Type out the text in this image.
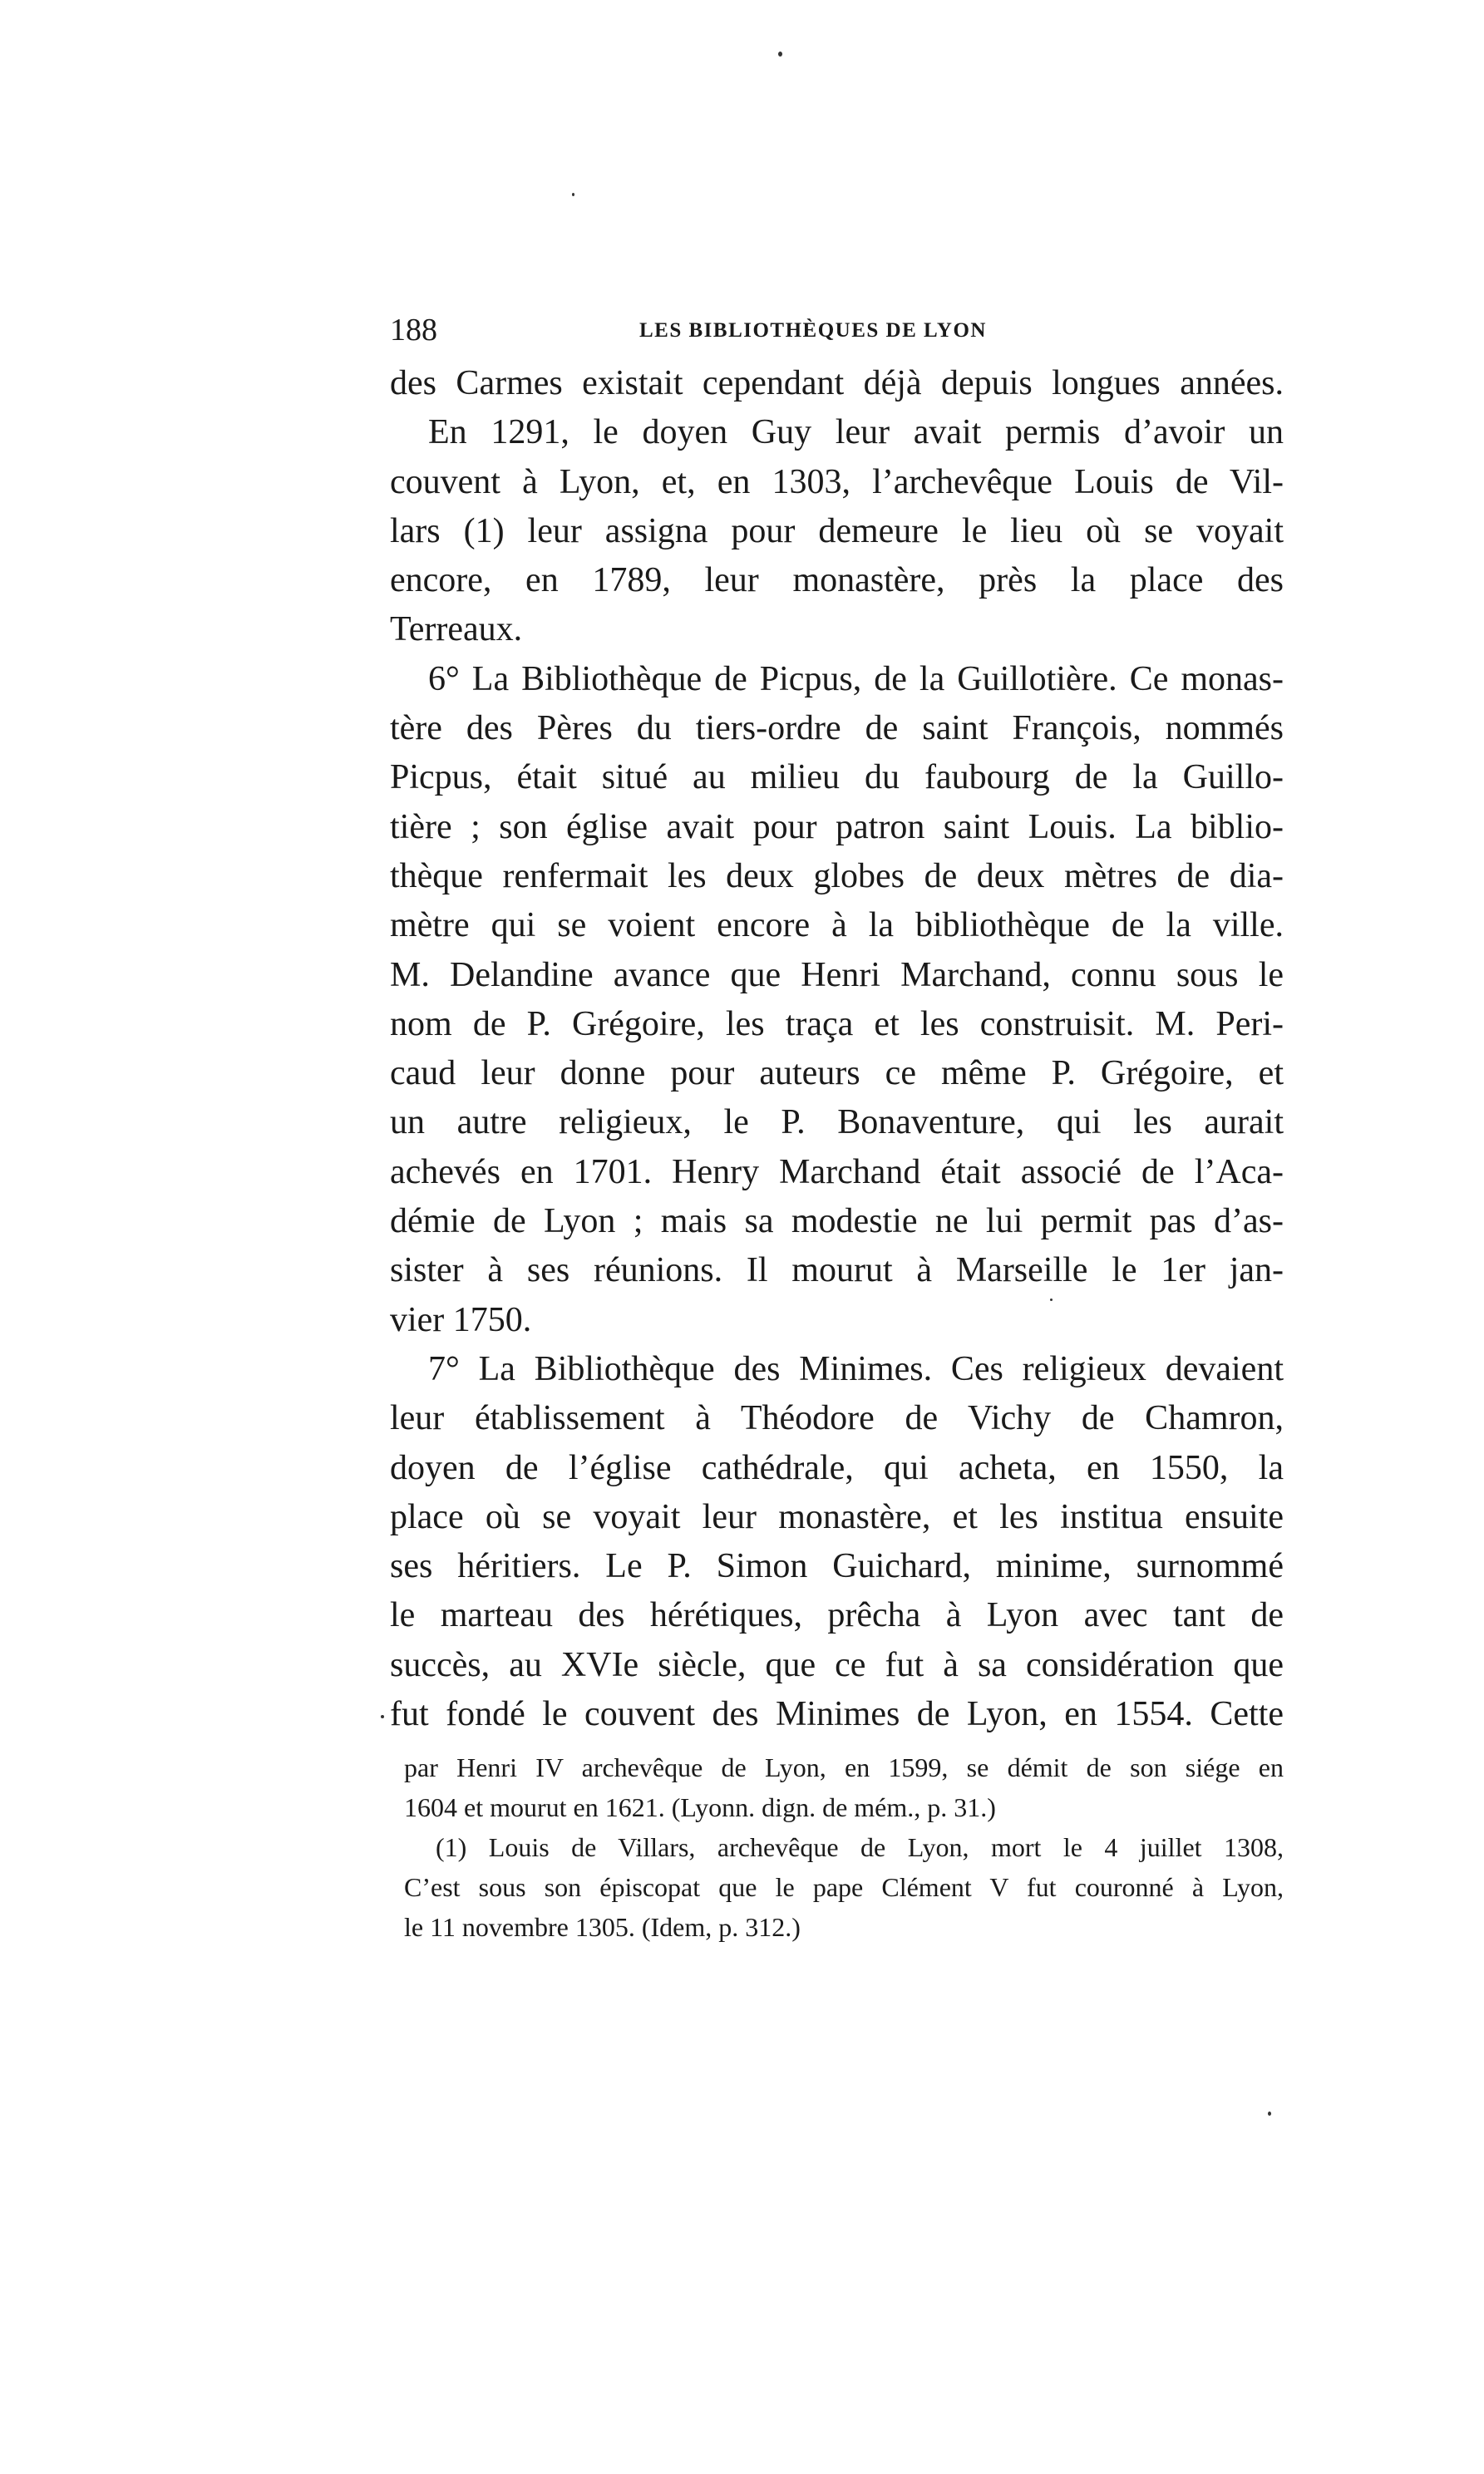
188	LES BIBLIOTHÈQUES DE LYON
des Carmes existait cependant déjà depuis longues années.
En 1291, le doyen Guy leur avait permis d’avoir un
couvent à Lyon, et, en 1303, l’archevêque Louis de Vil-
lars (1) leur assigna pour demeure le lieu où se voyait
encore, en 1789, leur monastère, près la place des
Terreaux.
6° La Bibliothèque de Picpus, de la Guillotière. Ce monas-
tère des Pères du tiers-ordre de saint François, nommés
Picpus, était situé au milieu du faubourg de la Guillo-
tière ; son église avait pour patron saint Louis. La biblio-
thèque renfermait les deux globes de deux mètres de dia-
mètre qui se voient encore à la bibliothèque de la ville.
M. Delandine avance que Henri Marchand, connu sous le
nom de P. Grégoire, les traça et les construisit. M. Peri-
caud leur donne pour auteurs ce même P. Grégoire, et
un autre religieux, le P. Bonaventure, qui les aurait
achevés en 1701. Henry Marchand était associé de l’Aca-
démie de Lyon ; mais sa modestie ne lui permit pas d’as-
sister à ses réunions. Il mourut à Marseille le 1er jan-
vier 1750.
7° La Bibliothèque des Minimes. Ces religieux devaient
leur établissement à Théodore de Vichy de Chamron,
doyen de l’église cathédrale, qui acheta, en 1550, la
place où se voyait leur monastère, et les institua ensuite
ses héritiers. Le P. Simon Guichard, minime, surnommé
le marteau des hérétiques, prêcha à Lyon avec tant de
succès, au XVIe siècle, que ce fut à sa considération que
fut fondé le couvent des Minimes de Lyon, en 1554. Cette
par Henri IV archevêque de Lyon, en 1599, se démit de son siége en
1604 et mourut en 1621. (Lyonn. dign. de mém., p. 31.)
(1) Louis de Villars, archevêque de Lyon, mort le 4 juillet 1308,
C’est sous son épiscopat que le pape Clément V fut couronné à Lyon,
le 11 novembre 1305. (Idem, p. 312.)
